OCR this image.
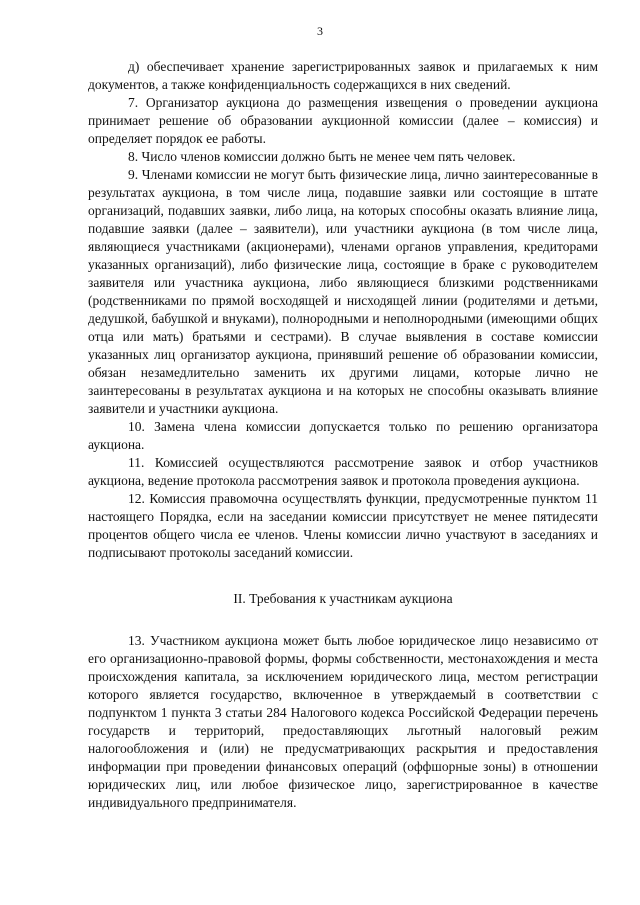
3

д) обеспечивает хранение зарегистрированных заявок и прилагаемых к ним документов, а также конфиденциальность содержащихся в них сведений.

7. Организатор аукциона до размещения извещения о проведении аукциона принимает решение об образовании аукционной комиссии (далее – комиссия) и определяет порядок ее работы.

8. Число членов комиссии должно быть не менее чем пять человек.

9. Членами комиссии не могут быть физические лица, лично заинтересованные в результатах аукциона, в том числе лица, подавшие заявки или состоящие в штате организаций, подавших заявки, либо лица, на которых способны оказать влияние лица, подавшие заявки (далее – заявители), или участники аукциона (в том числе лица, являющиеся участниками (акционерами), членами органов управления, кредиторами указанных организаций), либо физические лица, состоящие в браке с руководителем заявителя или участника аукциона, либо являющиеся близкими родственниками (родственниками по прямой восходящей и нисходящей линии (родителями и детьми, дедушкой, бабушкой и внуками), полнородными и неполнородными (имеющими общих отца или мать) братьями и сестрами). В случае выявления в составе комиссии указанных лиц организатор аукциона, принявший решение об образовании комиссии, обязан незамедлительно заменить их другими лицами, которые лично не заинтересованы в результатах аукциона и на которых не способны оказывать влияние заявители и участники аукциона.

10. Замена члена комиссии допускается только по решению организатора аукциона.

11. Комиссией осуществляются рассмотрение заявок и отбор участников аукциона, ведение протокола рассмотрения заявок и протокола проведения аукциона.

12. Комиссия правомочна осуществлять функции, предусмотренные пунктом 11 настоящего Порядка, если на заседании комиссии присутствует не менее пятидесяти процентов общего числа ее членов. Члены комиссии лично участвуют в заседаниях и подписывают протоколы заседаний комиссии.

II. Требования к участникам аукциона

13. Участником аукциона может быть любое юридическое лицо независимо от его организационно-правовой формы, формы собственности, местонахождения и места происхождения капитала, за исключением юридического лица, местом регистрации которого является государство, включенное в утверждаемый в соответствии с подпунктом 1 пункта 3 статьи 284 Налогового кодекса Российской Федерации перечень государств и территорий, предоставляющих льготный налоговый режим налогообложения и (или) не предусматривающих раскрытия и предоставления информации при проведении финансовых операций (оффшорные зоны) в отношении юридических лиц, или любое физическое лицо, зарегистрированное в качестве индивидуального предпринимателя.
